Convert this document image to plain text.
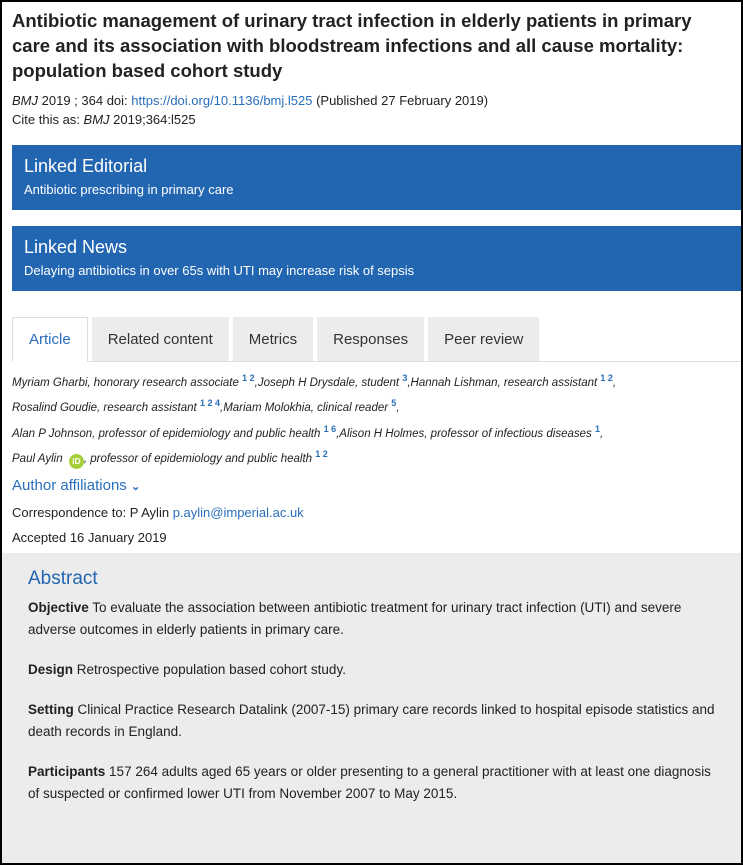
Antibiotic management of urinary tract infection in elderly patients in primary care and its association with bloodstream infections and all cause mortality: population based cohort study
BMJ 2019 ; 364 doi: https://doi.org/10.1136/bmj.l525 (Published 27 February 2019)
Cite this as: BMJ 2019;364:l525
Linked Editorial
Antibiotic prescribing in primary care
Linked News
Delaying antibiotics in over 65s with UTI may increase risk of sepsis
Article	Related content	Metrics	Responses	Peer review
Myriam Gharbi, honorary research associate $^{1 2}$,Joseph H Drysdale, student $^3$,Hannah Lishman, research assistant $^{1 2}$,
Rosalind Goudie, research assistant $^{1 2 4}$,Mariam Molokhia, clinical reader $^5$,
Alan P Johnson, professor of epidemiology and public health $^{1 6}$,Alison H Holmes, professor of infectious diseases $^1$,
Paul Aylin iD , professor of epidemiology and public health $^{1 2}$
Author affiliations ⌄
Correspondence to: P Aylin p.aylin@imperial.ac.uk
Accepted 16 January 2019
Abstract

Objective To evaluate the association between antibiotic treatment for urinary tract infection (UTI) and severe adverse outcomes in elderly patients in primary care.

Design Retrospective population based cohort study.

Setting Clinical Practice Research Datalink (2007-15) primary care records linked to hospital episode statistics and death records in England.

Participants 157 264 adults aged 65 years or older presenting to a general practitioner with at least one diagnosis of suspected or confirmed lower UTI from November 2007 to May 2015.
